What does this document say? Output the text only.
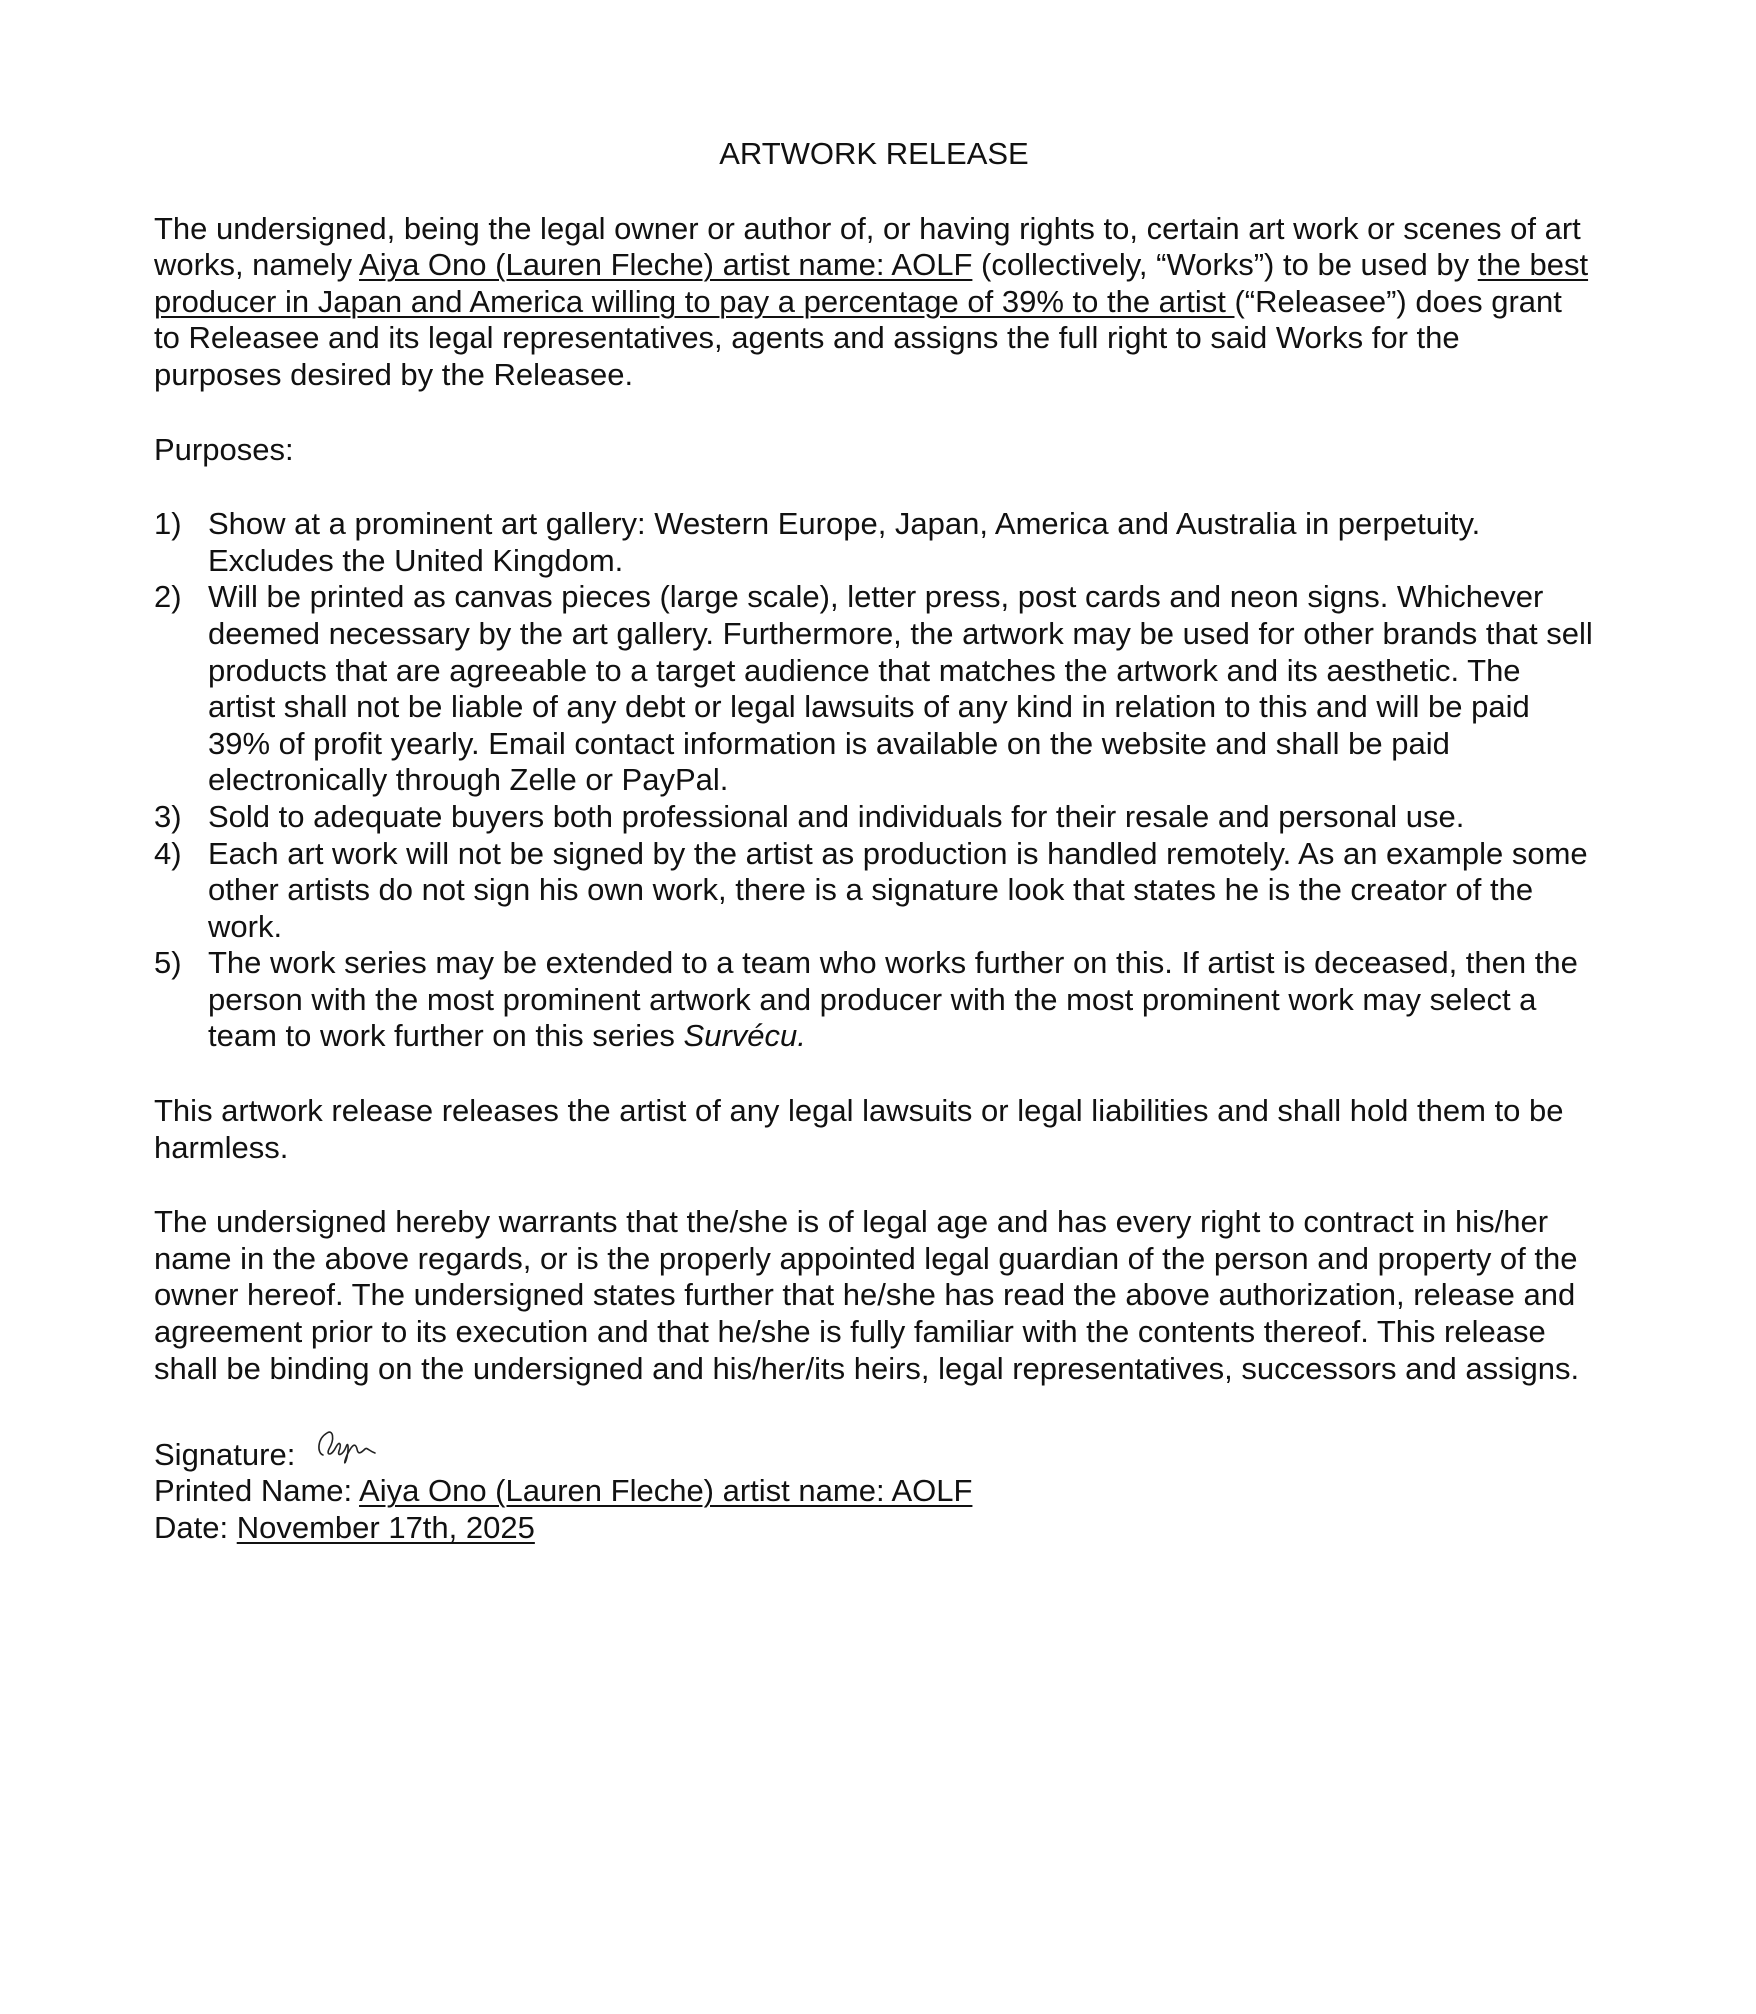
ARTWORK RELEASE

The undersigned, being the legal owner or author of, or having rights to, certain art work or scenes of art works, namely Aiya Ono (Lauren Fleche) artist name: AOLF (collectively, “Works”) to be used by the best producer in Japan and America willing to pay a percentage of 39% to the artist (“Releasee”) does grant to Releasee and its legal representatives, agents and assigns the full right to said Works for the purposes desired by the Releasee.

Purposes:

1) Show at a prominent art gallery: Western Europe, Japan, America and Australia in perpetuity. Excludes the United Kingdom.
2) Will be printed as canvas pieces (large scale), letter press, post cards and neon signs. Whichever deemed necessary by the art gallery. Furthermore, the artwork may be used for other brands that sell products that are agreeable to a target audience that matches the artwork and its aesthetic. The artist shall not be liable of any debt or legal lawsuits of any kind in relation to this and will be paid 39% of profit yearly. Email contact information is available on the website and shall be paid electronically through Zelle or PayPal.
3) Sold to adequate buyers both professional and individuals for their resale and personal use.
4) Each art work will not be signed by the artist as production is handled remotely. As an example some other artists do not sign his own work, there is a signature look that states he is the creator of the work.
5) The work series may be extended to a team who works further on this. If artist is deceased, then the person with the most prominent artwork and producer with the most prominent work may select a team to work further on this series Survécu.

This artwork release releases the artist of any legal lawsuits or legal liabilities and shall hold them to be harmless.

The undersigned hereby warrants that the/she is of legal age and has every right to contract in his/her name in the above regards, or is the properly appointed legal guardian of the person and property of the owner hereof. The undersigned states further that he/she has read the above authorization, release and agreement prior to its execution and that he/she is fully familiar with the contents thereof. This release shall be binding on the undersigned and his/her/its heirs, legal representatives, successors and assigns.

Signature:
Printed Name: Aiya Ono (Lauren Fleche) artist name: AOLF
Date: November 17th, 2025
